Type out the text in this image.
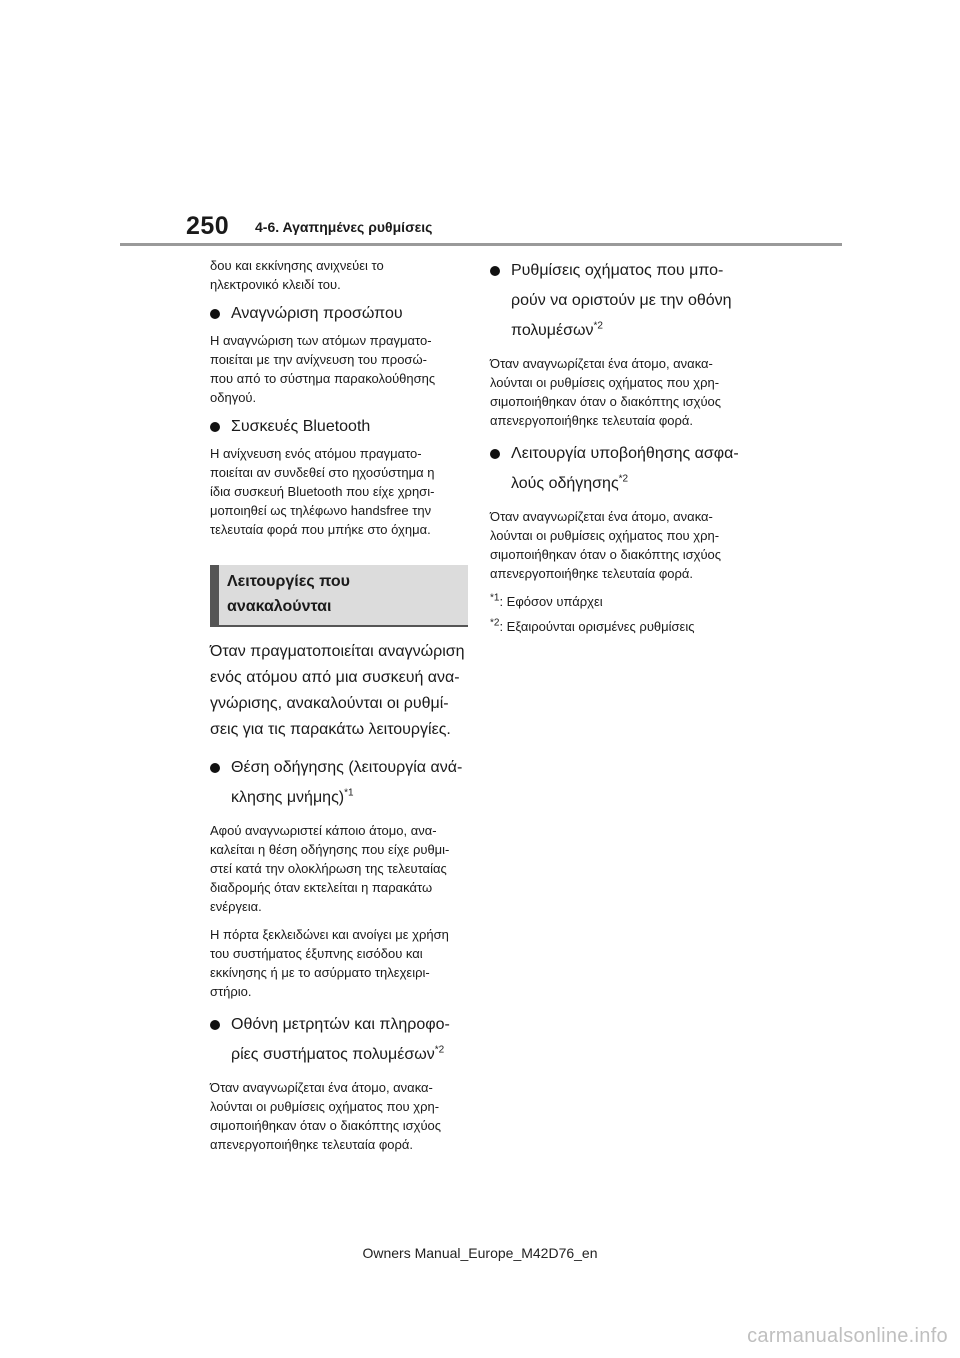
250 4-6. Αγαπημένες ρυθμίσεις

δου και εκκίνησης ανιχνεύει το
ηλεκτρονικό κλειδί του.

Αναγνώριση προσώπου

Η αναγνώριση των ατόμων πραγματο-
ποιείται με την ανίχνευση του προσώ-
που από το σύστημα παρακολούθησης
οδηγού.

Συσκευές Bluetooth

Η ανίχνευση ενός ατόμου πραγματο-
ποιείται αν συνδεθεί στο ηχοσύστημα η
ίδια συσκευή Bluetooth που είχε χρησι-
μοποιηθεί ως τηλέφωνο handsfree την
τελευταία φορά που μπήκε στο όχημα.

Λειτουργίες που
ανακαλούνται

Όταν πραγματοποιείται αναγνώριση
ενός ατόμου από μια συσκευή ανα-
γνώρισης, ανακαλούνται οι ρυθμί-
σεις για τις παρακάτω λειτουργίες.

Θέση οδήγησης (λειτουργία ανά-
κλησης μνήμης)$^{*1}$

Αφού αναγνωριστεί κάποιο άτομο, ανα-
καλείται η θέση οδήγησης που είχε ρυθμι-
στεί κατά την ολοκλήρωση της τελευταίας
διαδρομής όταν εκτελείται η παρακάτω
ενέργεια.

Η πόρτα ξεκλειδώνει και ανοίγει με χρήση
του συστήματος έξυπνης εισόδου και
εκκίνησης ή με το ασύρματο τηλεχειρι-
στήριο.

Οθόνη μετρητών και πληροφο-
ρίες συστήματος πολυμέσων$^{*2}$

Όταν αναγνωρίζεται ένα άτομο, ανακα-
λούνται οι ρυθμίσεις οχήματος που χρη-
σιμοποιήθηκαν όταν ο διακόπτης ισχύος
απενεργοποιήθηκε τελευταία φορά.

Ρυθμίσεις οχήματος που μπο-
ρούν να οριστούν με την οθόνη
πολυμέσων$^{*2}$

Όταν αναγνωρίζεται ένα άτομο, ανακα-
λούνται οι ρυθμίσεις οχήματος που χρη-
σιμοποιήθηκαν όταν ο διακόπτης ισχύος
απενεργοποιήθηκε τελευταία φορά.

Λειτουργία υποβοήθησης ασφα-
λούς οδήγησης$^{*2}$

Όταν αναγνωρίζεται ένα άτομο, ανακα-
λούνται οι ρυθμίσεις οχήματος που χρη-
σιμοποιήθηκαν όταν ο διακόπτης ισχύος
απενεργοποιήθηκε τελευταία φορά.

$^{*1}$: Εφόσον υπάρχει

$^{*2}$: Εξαιρούνται ορισμένες ρυθμίσεις

Owners Manual_Europe_M42D76_en
carmanualsonline.info
